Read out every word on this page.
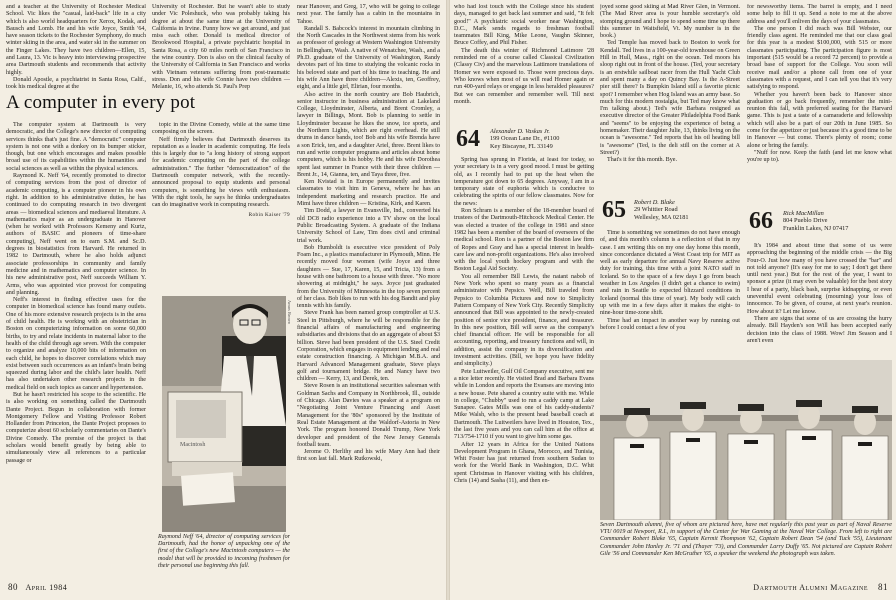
and a teacher at the University of Rochester Medical School. Vic likes the "casual, laid-back" life in a city which is also world headquarters for Xerox, Kodak, and Bausch and Lomb. He and his wife Joyce, Smith '64, have season tickets to the Rochester Symphony, do much winter skiing in the area, and water ski in the summer on the Finger Lakes. They have two children—Ellen, 15, and Laura, 13. Vic is heavy into interviewing prospective area Dartmouth students and recommends that activity highly.

Donald Apostle, a psychiatrist in Santa Rosa, Calif., took his medical degree at the

University of Rochester. But he wasn't able to study under Vic Poleshuck, who was probably taking his degree at about the same time at the University of California in Irvine. Funny how we get around, and just miss each other. Donald is medical director of Brookwood Hospital, a private psychiatric hospital in Santa Rosa, a city 60 miles north of San Francisco in the wine country. Don is also on the clinical faculty of the University of California in San Francisco and works with Vietnam veterans suffering from post-traumatic stress. Don and his wife Connie have two children — Melanie, 16, who attends St. Paul's Prep

A computer in every pot

The computer system at Dartmouth is very democratic, and the College's new director of computing services thinks that's just fine. A "democratic" computer system is not one with a donkey on its bumper sticker, though, but one which encourages and makes possible broad use of its capabilities within the humanities and social sciences as well as within the physical sciences.

Raymond K. Neff '64, recently promoted to director of computing services from the post of director of academic computing, is a computer pioneer in his own right. In addition to his administrative duties, he has continued to do computing research in two divergent areas — biomedical sciences and mediaeval literature. A mathematics major as an undergraduate in Hanover (when he worked with Professors Kemeny and Kurtz, authors of BASIC and pioneers of time-share computing), Neff went on to earn S.M. and Sc.D. degrees in biostatistics from Harvard. He returned in 1982 to Dartmouth, where he also holds adjunct associate professorships in community and family medicine and in mathematics and computer science. In his new administrative post, Neff succeeds William Y. Arms, who was appointed vice provost for computing and planning.

Neff's interest in finding effective uses for the computer in biomedical science has found many outlets. One of his more extensive research projects is in the area of child health. He is working with an obstetrician in Boston on computerizing information on some 60,000 births, to try and relate incidents in maternal labor to the health of the child through age seven. With the computer to organize and analyze 10,000 bits of information on each child, he hopes to discover correlations which may exist between such occurrences as an infant's brain being squeezed during labor and the child's later health. Neff has also undertaken other research projects in the medical field on such topics as cancer and hypertension.

But he hasn't restricted his scope to the scientific. He is also working on something called the Dartmouth Dante Project. Begun in collaboration with former Montgomery Fellow and Visiting Professor Robert Hollander from Princeton, the Dante Project proposes to computerize about 60 scholarly commentaries on Dante's Divine Comedy. The premise of the project is that scholars would benefit greatly by being able to simultaneously view all references to a particular passage or

topic in the Divine Comedy, while at the same time composing on the screen.

Neff firmly believes that Dartmouth deserves its reputation as a leader in academic computing. He feels this is largely due to "a long history of strong support for academic computing on the part of the college administration." The further "democratization" of the Dartmouth computer network, with the recently-announced proposal to equip students and personal computers, is something he views with enthusiasm. With the right tools, he says he thinks undergraduates can do imaginative work in computing research.

Robin Kaiser '79
Macintosh
Amos Brown
Raymond Neff '64, director of computing services for Dartmouth, had the honor of unpacking one of the first of the College's new Macintosh computers — the model that will be provided to incoming freshmen for their personal use beginning this fall.

near Hanover, and Greg, 17, who will be going to college next year. The family has a cabin in the mountains in Tahoe.

Randall S. Babcock's interest in mountain climbing in the North Cascades in the Northwest stems from his work as professor of geology at Western Washington University in Bellingham, Wash. A native of Wenatchee, Wash., and a Ph.D. graduate of the University of Washington, Randy devotes part of his time to studying the volcanic rocks in his beloved state and part of his time to teaching. He and his wife Ann have three children—Alexis, ten, Geoffrey, eight, and a little girl, Elirian, four months.

Also active in the north country are Bob Haubrich, senior instructor in business administration at Lakeland College, Lloydminster, Alberta, and Brent Cromley, a lawyer in Billings, Mont. Bob is planning to settle in Lloydminster because he likes the snow, ice sports, and the Northern Lights, which are right overhead. He still drums in dance bands, too! Bob and his wife Brenda have a son Erick, ten, and a daughter Ariel, three. Brent likes to run and write computer programs and articles about home computers, which is his hobby. He and his wife Dorothea spent last summer in France with their three children — Brent Jr., 14, Gianna, ten, and Taya three, five.

Ken Kvistad is in Europe permanently and invites classmates to visit him in Geneva, where he has an independent marketing and research practice. He and Mimi have three children — Kristina, Kirk, and Karen.

Tim Dodd, a lawyer in Evansville, Ind., converted his old DC8 radio experience into a TV show on the local Public Broadcasting System. A graduate of the Indiana University School of Law, Tim does civil and criminal trial work.

Bob Humboldt is executive vice president of Poly Foam Inc., a plastics manufacturer in Plymouth, Minn. He recently moved four women (wife Joyce and three daughters — Sue, 17, Karen, 15, and Tricia, 13) from a house with one bathroom to a house with three. "No more showering at midnight," he says. Joyce just graduated from the University of Minnesota in the top seven percent of her class. Bob likes to run with his dog Bandit and play tennis with his family.

Steve Frank has been named group comptroller at U.S. Steel in Pittsburgh, where he will be responsible for the financial affairs of manufacturing and engineering subsidiaries and divisions that do an aggregate of about $3 billion. Steve had been president of the U.S. Steel Credit Corporation, which engages in equipment lending and real estate construction financing. A Michigan M.B.A. and Harvard Advanced Management graduate, Steve plays golf and tournament bridge. He and Nancy have two children — Kerry, 13, and Derek, ten.

Steve Rosen is an institutional securities salesman with Goldman Sachs and Company in Northbrook, Ill., outside of Chicago. Alan Davies was a speaker at a program on "Negotiating Joint Venture Financing and Asset Management for the '80s" sponsored by the Institute of Real Estate Management at the Waldorf-Astoria in New York. The program honored Donald Trump, New York developer and president of the New Jersey Generals football team.

Jerome O. Herlihy and his wife Mary Ann had their first son last fall. Mark Rutkowski,

80 April 1984

who had lost touch with the College since his student days, managed to get back last summer and said, "It felt good!" A psychiatric social worker near Washington, D.C., Mark sends regards to freshman football teammates Bill King, Mike Leone, Vaughn Skinner, Bruce Coffey, and Phil Fisher.

The death this winter of Richmond Latimore '28 reminded me of a course called Classical Civilization (Classy Civ) and the marvelous Lattimore translations of Homer we were exposed to. Those were precious days. Who knows when most of us will read Homer again or run 400-yard relays or engage in less heralded pleasures? But we can remember and remember well. Till next month.

64 Alexander D. Vaskas Jr.
199 Ocean Lane Dr., #1100
Key Biscayne, FL 33149

Spring has sprung in Florida, at least for today, so your secretary is in a very good mood. I must be getting old, as I recently had to put up the heat when the temperature got down to 65 degrees. Anyway, I am in a temporary state of euphoria which is conducive to celebrating the spirits of our fellow classmates. Now for the news:

Ron Schram is a member of the 18-member board of trustees of the Dartmouth-Hitchcock Medical Center. He was elected a trustee of the college in 1981 and since 1982 has been a member of the board of overseers of the medical school. Ron is a partner of the Boston law firm of Ropes and Gray and has a special interest in health-care law and non-profit organizations. He's also involved with the local youth hockey program and with the Boston Legal Aid Society.

You all remember Bill Lewis, the natant nabob of New York who spent so many years as a financial administrator with Pepsico. Well, Bill traveled from Pepsico to Columbia Pictures and now to Simplicity Pattern Company of New York City. Recently Simplicity announced that Bill was appointed to the newly-created position of senior vice president, finance, and treasurer. In this new position, Bill will serve as the company's chief financial officer. He will be responsible for all accounting, reporting, and treasury functions and will, in addition, assist the company in its diversification and investment activities. (Bill, we hope you have fidelity and simplicity.)

Pete Luitweiler, Gulf Oil Company executive, sent me a nice letter recently. He visited Brad and Barbara Evans while in London and reports the Evanses are moving into a new house. Pete shared a country suite with me. While in college, "Chubby" used to run a caddy camp at Lake Sunapee. Gates Mills was one of his caddy-students? Mike Walsh, who is the present head baseball coach at Dartmouth. The Luitweilers have lived in Houston, Tex., the last five years and you can call him at the office at 713/754-1710 if you want to give him some gas.

After 12 years in Africa for the United Nations Development Program in Ghana, Morocco, and Tunisia, Whit Foster has just returned from southern Sudan to work for the World Bank in Washington, D.C. Whit spent Christmas in Hanover visiting with his children, Chris (14) and Sasha (11), and then en-

joyed some good skiing at Mad River Glen, in Vermont. (The Mad River area is your humble secretary's old stomping ground and I hope to spend some time up there this summer in Waitsfield, Vt. My number is in the book.)

Ted Temple has moved back to Boston to work for Kendall. Ted lives in a 100-year-old townhouse on Green Hill in Hull, Mass., right on the ocean. Ted moors his sloop right out in front of the house. (Ted, your secretary is an erstwhile sailboat racer from the Hull Yacht Club and spent many a day on Quincy Bay. Is the A-Street pier still there? Is Bumpkin Island still a favorite picnic spot? I remember when Hog Island was an army base. So much for this modern nostalgia, but Ted may know what I'm talking about.) Ted's wife Barbara resigned as executive director of the Greater Philadelphia Food Bank and "seems" to be enjoying the experience of being a homemaker. Their daughter Julie, 13, thinks living on the ocean is "awesome." Ted reports that his oil heating bill is "awesome" (Ted, is the deli still on the corner at A Street?)

That's it for this month. Bye.

65 Robert D. Blake
29 Whittier Road
Wellesley, MA 02181

Time is something we sometimes do not have enough of, and this month's column is a reflection of that in my case. I am writing this on my one day home this month, since concordance dictated a West Coast trip for MIT as well as early departure for annual Navy Reserve active duty for training, this time with a joint NATO staff in Iceland. So to the space of a few days I go from beach weather in Los Angeles (I didn't get a chance to swim) and rain in Seattle to expected blizzard conditions in Iceland (normal this time of year). My body will catch up with me in a few days after it makes the eight- to nine-hour time-zone shift.

Time had an impact in another way by running out before I could contact a few of you

for newsworthy items. The barrel is empty, and I need some help to fill it up. Send a note to me at the above address and you'll enliven the days of your classmates.

The one person I did reach was Bill Webster, our friendly class agent. He reminded me that our class goal for this year is a modest $100,000, with 515 or more classmates participating. The participation figure is most important (515 would be a record 72 percent) to provide a broad base of support for the College. You soon will receive mail and/or a phone call from one of your classmates with a request, and I can tell you that it's very satisfying to respond.

Whether you haven't been back to Hanover since graduation or go back frequently, remember the mini-reunion this fall, with preferred seating for the Harvard game. This is just a taste of a camaraderie and fellowship which will also be a part of our 20th in June 1985. So come for the appetizer or just because it's a good time to be in Hanover — but come. There's plenty of room; come alone or bring the family.

"Nuff for now. Keep the faith (and let me know what you're up to).

66 Rick MacMillan
804 Pueblo Drive
Franklin Lakes, NJ 07417

It's 1984 and about time that some of us were approaching the beginning of the middle crisis — the Big Four-O. Just how many of you have crossed the "bar" and not told anyone? (It's easy for me to say; I don't get there until next year.) But for the rest of the year, I want to sponsor a prize (it may even be valuable) for the best story I hear of a party, black bash, surprise kidnapping, or even uneventful event celebrating (mourning) your loss of innocence. To be given, of course, at next year's reunion. How about it? Let me know.

There are signs that some of us are crossing the hurry already. Bill Hayden's son Will has been accepted early decision into the class of 1988. Wow! Jim Season and I aren't even

Seven Dartmouth alumni, five of whom are pictured here, have met regularly this past year as part of Naval Reserve VTU 0019 at Newport, R.I., in support of the Center for War Gaming at the Naval War College. From left to right are Commander Robert Blake '65, Captain Kermit Thompson '62, Captain Robert Dean '54 (and Tuck '55), Lieutenant Commander John Hanley Jr. '71 and (Thayer '73), and Commander Larry Duffy '65. Not pictured are Captain Robert Gile '56 and Commander Ken McGruther '65, a speaker the weekend the photograph was taken.
Dartmouth Alumni Magazine 81
